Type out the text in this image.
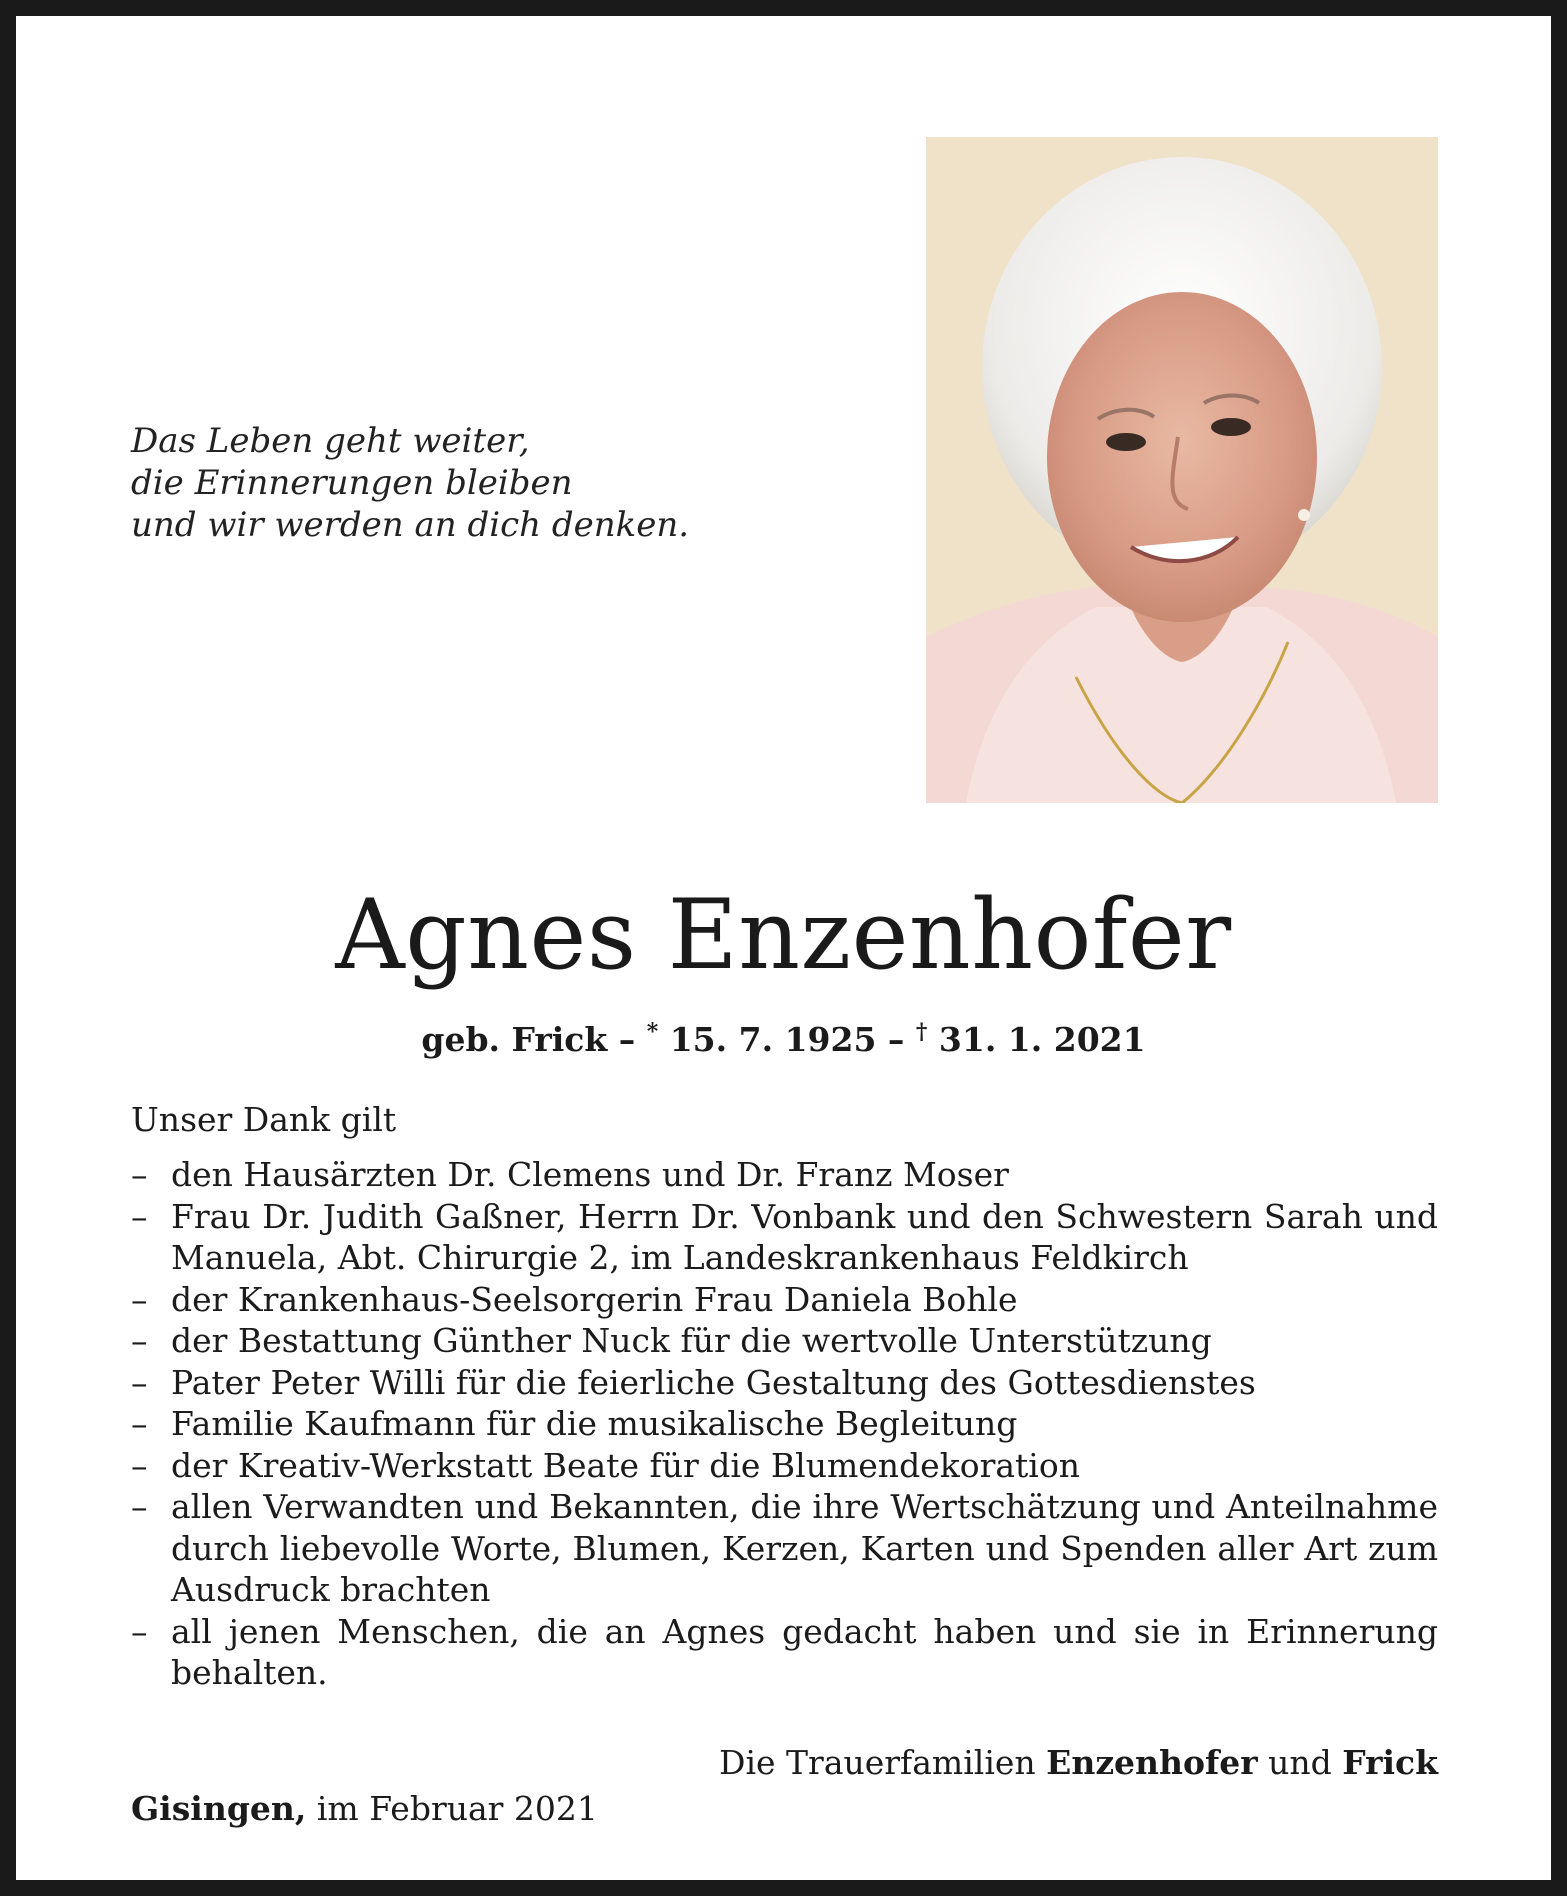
Das Leben geht weiter,
die Erinnerungen bleiben
und wir werden an dich denken.
Agnes Enzenhofer
geb. Frick – * 15. 7. 1925 – † 31. 1. 2021
Unser Dank gilt
– den Hausärzten Dr. Clemens und Dr. Franz Moser
– Frau Dr. Judith Gaßner, Herrn Dr. Vonbank und den Schwestern Sarah und Manuela, Abt. Chirurgie 2, im Landeskrankenhaus Feldkirch
– der Krankenhaus-Seelsorgerin Frau Daniela Bohle
– der Bestattung Günther Nuck für die wertvolle Unterstützung
– Pater Peter Willi für die feierliche Gestaltung des Gottesdienstes
– Familie Kaufmann für die musikalische Begleitung
– der Kreativ-Werkstatt Beate für die Blumendekoration
– allen Verwandten und Bekannten, die ihre Wertschätzung und Anteilnahme durch liebevolle Worte, Blumen, Kerzen, Karten und Spenden aller Art zum Ausdruck brachten
– all jenen Menschen, die an Agnes gedacht haben und sie in Erinnerung behalten.
Die Trauerfamilien Enzenhofer und Frick
Gisingen, im Februar 2021
